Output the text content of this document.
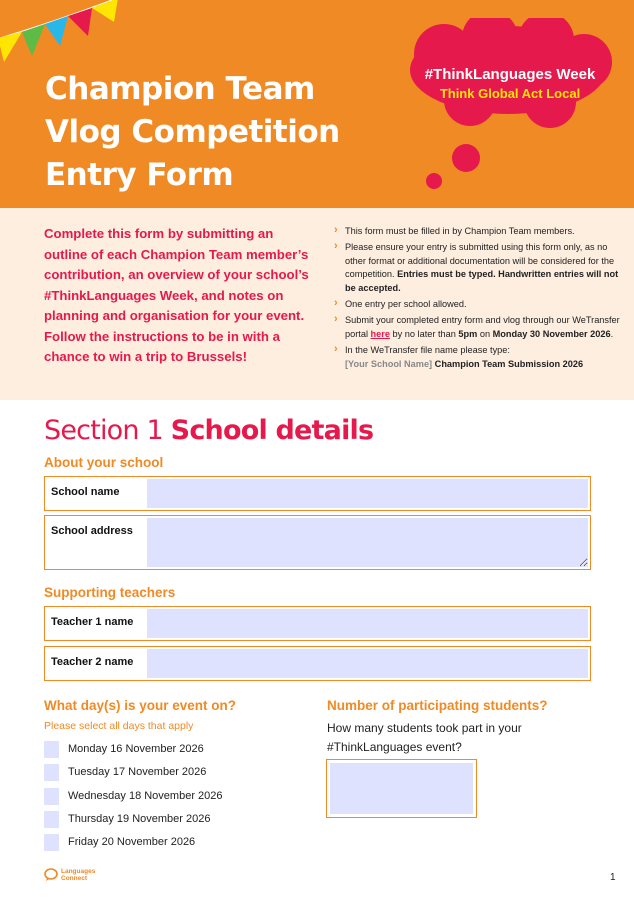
Champion Team
Vlog Competition
Entry Form
#ThinkLanguages Week
Think Global Act Local
Complete this form by submitting an outline of each Champion Team member’s contribution, an overview of your school’s #ThinkLanguages Week, and notes on planning and organisation for your event. Follow the instructions to be in with a chance to win a trip to Brussels!
› This form must be filled in by Champion Team members.
› Please ensure your entry is submitted using this form only, as no other format or additional documentation will be considered for the competition. Entries must be typed. Handwritten entries will not be accepted.
› One entry per school allowed.
› Submit your completed entry form and vlog through our WeTransfer portal here by no later than 5pm on Monday 30 November 2026.
› In the WeTransfer file name please type:
[Your School Name] Champion Team Submission 2026
Section 1 School details
About your school
School name
School address
Supporting teachers
Teacher 1 name
Teacher 2 name
What day(s) is your event on?
Please select all days that apply
Monday 16 November 2026
Tuesday 17 November 2026
Wednesday 18 November 2026
Thursday 19 November 2026
Friday 20 November 2026
Number of participating students?
How many students took part in your #ThinkLanguages event?
Languages
Connect	1
